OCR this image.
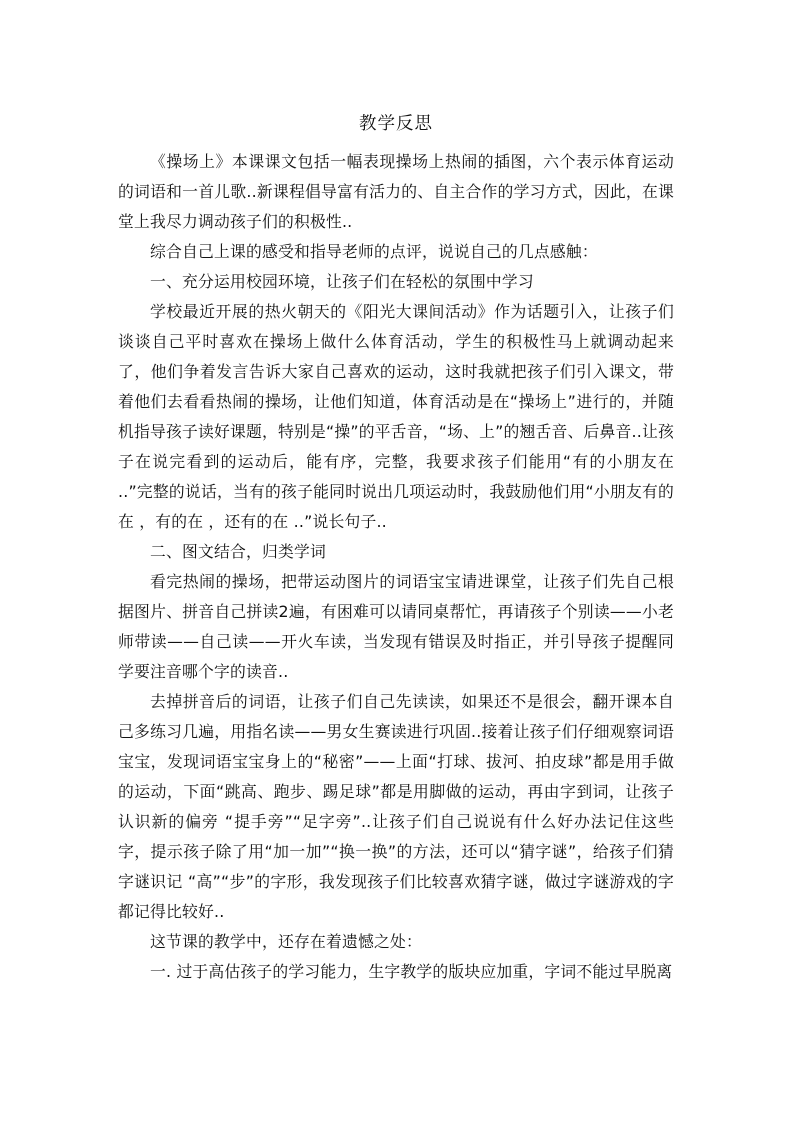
教学反思

《操场上》本课课文包括一幅表现操场上热闹的插图，六个表示体育运动的词语和一首儿歌..新课程倡导富有活力的、自主合作的学习方式，因此，在课堂上我尽力调动孩子们的积极性..

综合自己上课的感受和指导老师的点评，说说自己的几点感触：

一、充分运用校园环境，让孩子们在轻松的氛围中学习

学校最近开展的热火朝天的《阳光大课间活动》作为话题引入，让孩子们谈谈自己平时喜欢在操场上做什么体育活动，学生的积极性马上就调动起来了，他们争着发言告诉大家自己喜欢的运动，这时我就把孩子们引入课文，带着他们去看看热闹的操场，让他们知道，体育活动是在“操场上”进行的，并随机指导孩子读好课题，特别是“操”的平舌音，“场、上”的翘舌音、后鼻音..让孩子在说完看到的运动后，能有序，完整，我要求孩子们能用“有的小朋友在 ..”完整的说话，当有的孩子能同时说出几项运动时，我鼓励他们用“小朋友有的在 ，有的在 ，还有的在 ..”说长句子..

二、图文结合，归类学词

看完热闹的操场，把带运动图片的词语宝宝请进课堂，让孩子们先自己根据图片、拼音自己拼读2遍，有困难可以请同桌帮忙，再请孩子个别读——小老师带读——自己读——开火车读，当发现有错误及时指正，并引导孩子提醒同学要注音哪个字的读音..

去掉拼音后的词语，让孩子们自己先读读，如果还不是很会，翻开课本自己多练习几遍，用指名读——男女生赛读进行巩固..接着让孩子们仔细观察词语宝宝，发现词语宝宝身上的“秘密”——上面“打球、拔河、拍皮球”都是用手做的运动，下面“跳高、跑步、踢足球”都是用脚做的运动，再由字到词，让孩子认识新的偏旁 “提手旁”“足字旁”..让孩子们自己说说有什么好办法记住这些字，提示孩子除了用“加一加”“换一换”的方法，还可以“猜字谜”，给孩子们猜字谜识记 “高”“步”的字形，我发现孩子们比较喜欢猜字谜，做过字谜游戏的字都记得比较好..

这节课的教学中，还存在着遗憾之处：

一. 过于高估孩子的学习能力，生字教学的版块应加重，字词不能过早脱离
